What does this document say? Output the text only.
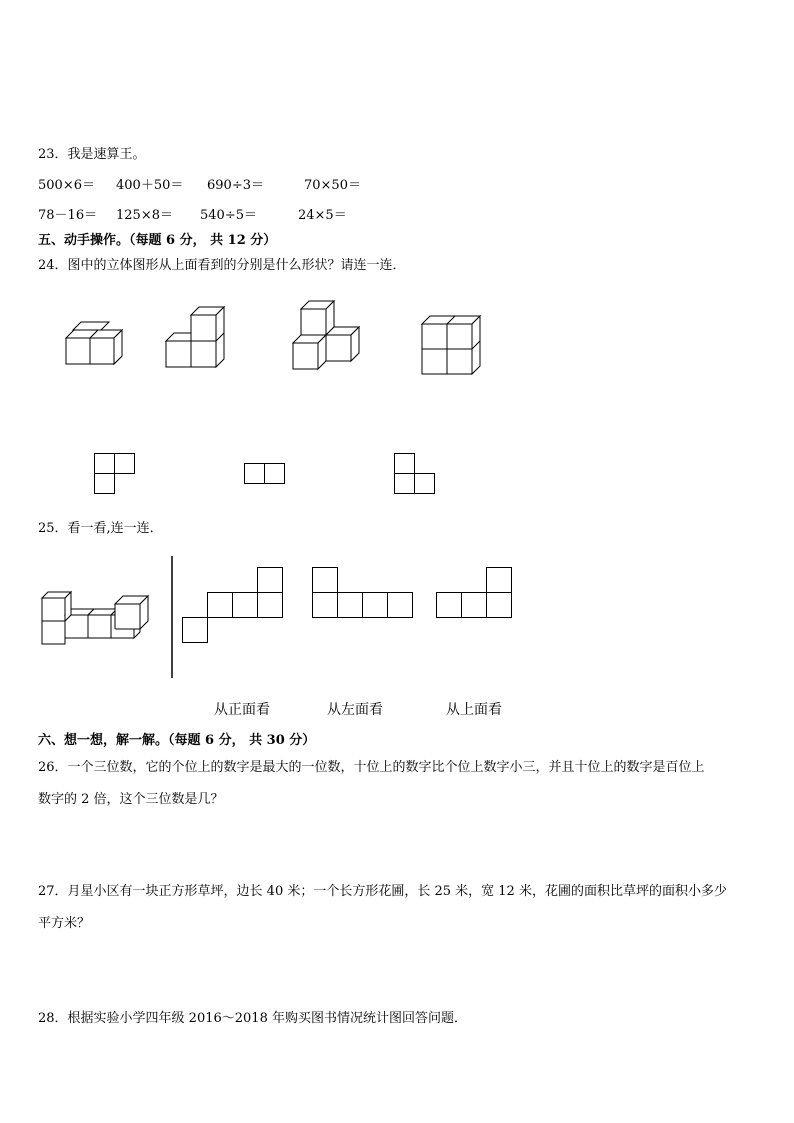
23．我是速算王。
500×6＝ 400＋50＝ 690÷3＝	70×50＝
78－16＝ 125×8＝ 540÷5＝	24×5＝
五、动手操作。（每题 6 分， 共 12 分）
24．图中的立体图形从上面看到的分别是什么形状？请连一连．
25．看一看,连一连．
从正面看	从左面看	从上面看
六、想一想，解一解。（每题 6 分， 共 30 分）
26．一个三位数，它的个位上的数字是最大的一位数，十位上的数字比个位上数字小三，并且十位上的数字是百位上
数字的 2 倍，这个三位数是几？
27．月星小区有一块正方形草坪，边长 40 米；一个长方形花圃，长 25 米，宽 12 米，花圃的面积比草坪的面积小多少
平方米？
28．根据实验小学四年级 2016～2018 年购买图书情况统计图回答问题．
